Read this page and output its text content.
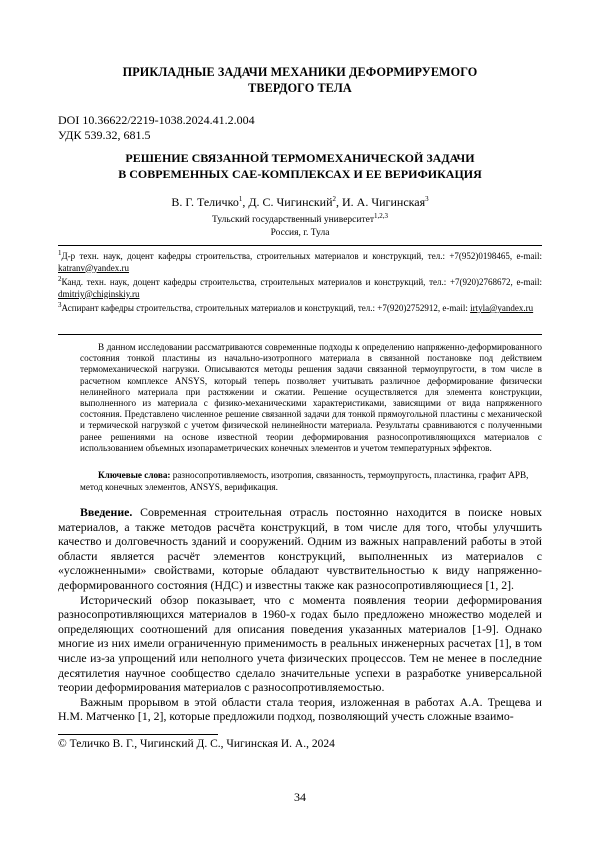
ПРИКЛАДНЫЕ ЗАДАЧИ МЕХАНИКИ ДЕФОРМИРУЕМОГО
ТВЕРДОГО ТЕЛА
DOI 10.36622/2219-1038.2024.41.2.004
УДК 539.32, 681.5
РЕШЕНИЕ СВЯЗАННОЙ ТЕРМОМЕХАНИЧЕСКОЙ ЗАДАЧИ
В СОВРЕМЕННЫХ CAE-КОМПЛЕКСАХ И ЕЕ ВЕРИФИКАЦИЯ
В. Г. Теличко$^1$, Д. С. Чигинский$^2$, И. А. Чигинская$^3$
Тульский государственный университет$^{1,2,3}$
Россия, г. Тула
$^1$Д-р техн. наук, доцент кафедры строительства, строительных материалов и конструкций, тел.: +7(952)0198465, e-mail: katranv@yandex.ru
$^2$Канд. техн. наук, доцент кафедры строительства, строительных материалов и конструкций, тел.: +7(920)2768672, e-mail: dmitriy@chiginskiy.ru
$^3$Аспирант кафедры строительства, строительных материалов и конструкций, тел.: +7(920)2752912, e-mail: irtyla@yandex.ru
В данном исследовании рассматриваются современные подходы к определению напряженно-деформированного состояния тонкой пластины из начально-изотропного материала в связанной постановке под действием термомеханической нагрузки. Описываются методы решения задачи связанной термоупругости, в том числе в расчетном комплексе ANSYS, который теперь позволяет учитывать различное деформирование физически нелинейного материала при растяжении и сжатии. Решение осуществляется для элемента конструкции, выполненного из материала с физико-механическими характеристиками, зависящими от вида напряженного состояния. Представлено численное решение связанной задачи для тонкой прямоугольной пластины с механической и термической нагрузкой с учетом физической нелинейности материала. Результаты сравниваются с полученными ранее решениями на основе известной теории деформирования разносопротивляющихся материалов с использованием объемных изопараметрических конечных элементов и учетом температурных эффектов.
Ключевые слова: разносопротивляемость, изотропия, связанность, термоупругость, пластинка, графит АРВ, метод конечных элементов, ANSYS, верификация.

Введение. Современная строительная отрасль постоянно находится в поиске новых материалов, а также методов расчёта конструкций, в том числе для того, чтобы улучшить качество и долговечность зданий и сооружений. Одним из важных направлений работы в этой области является расчёт элементов конструкций, выполненных из материалов с «усложненными» свойствами, которые обладают чувствительностью к виду напряженно-деформированного состояния (НДС) и известны также как разносопротивляющиеся [1, 2].

Исторический обзор показывает, что с момента появления теории деформирования разносопротивляющихся материалов в 1960-х годах было предложено множество моделей и определяющих соотношений для описания поведения указанных материалов [1-9]. Однако многие из них имели ограниченную применимость в реальных инженерных расчетах [1], в том числе из-за упрощений или неполного учета физических процессов. Тем не менее в последние десятилетия научное сообщество сделало значительные успехи в разработке универсальной теории деформирования материалов с разносопротивляемостью.

Важным прорывом в этой области стала теория, изложенная в работах А.А. Трещева и Н.М. Матченко [1, 2], которые предложили подход, позволяющий учесть сложные взаимо-

© Теличко В. Г., Чигинский Д. С., Чигинская И. А., 2024
34
